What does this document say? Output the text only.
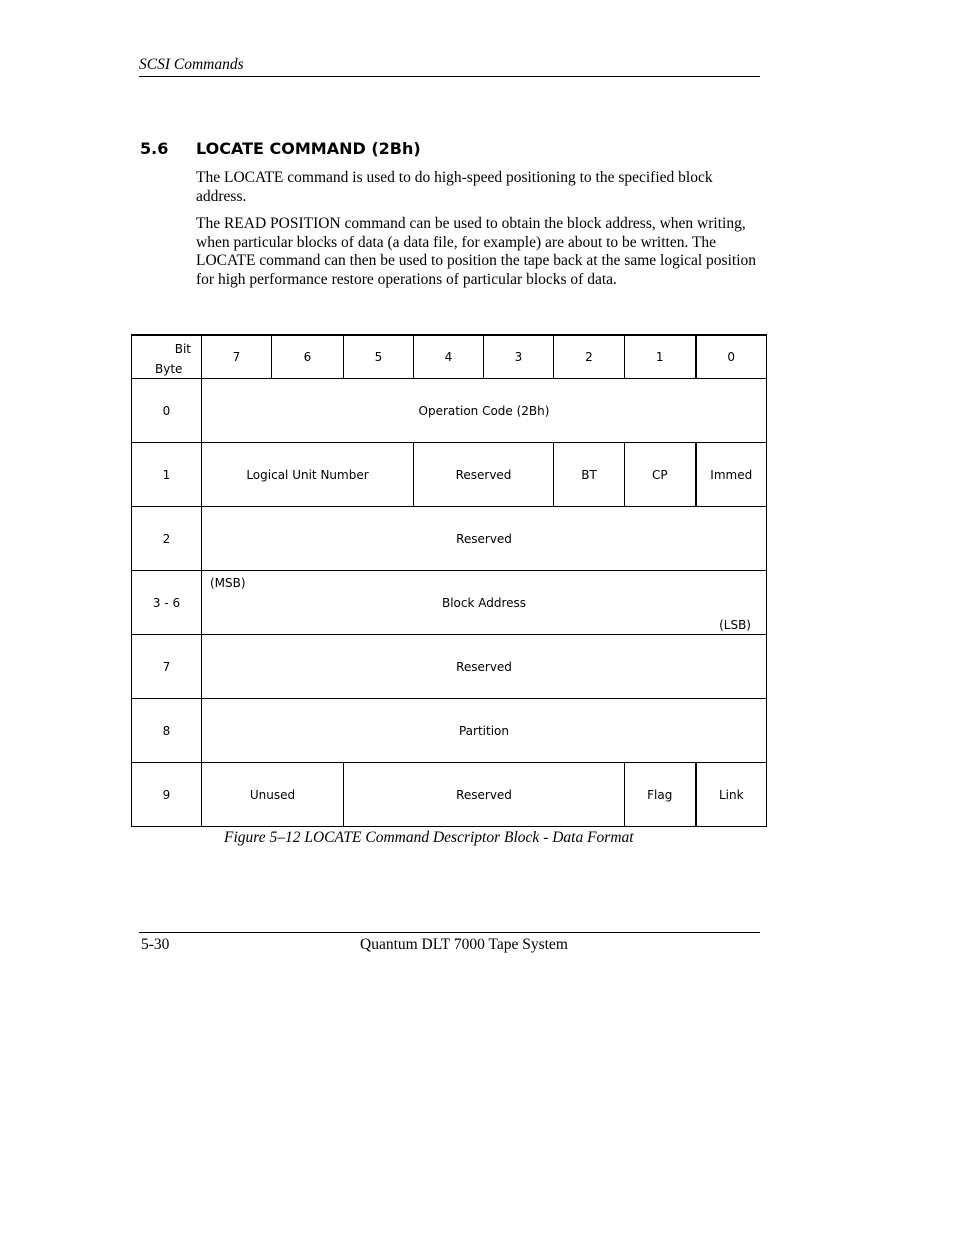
SCSI Commands
5.6 LOCATE COMMAND (2Bh)
The LOCATE command is used to do high-speed positioning to the specified block address.
The READ POSITION command can be used to obtain the block address, when writing, when particular blocks of data (a data file, for example) are about to be written. The LOCATE command can then be used to position the tape back at the same logical position for high performance restore operations of particular blocks of data.
Bit
Byte	7	6	5	4	3	2	1	0
0	Operation Code (2Bh)							
1	Logical Unit Number			Reserved		BT	CP	Immed
2	Reserved							
3 - 6	(MSB)
Block Address
(LSB)							

7	Reserved							
8	Partition							
9	Unused		Reserved				Flag	Link
Figure 5–12 LOCATE Command Descriptor Block - Data Format
5-30	Quantum DLT 7000 Tape System
